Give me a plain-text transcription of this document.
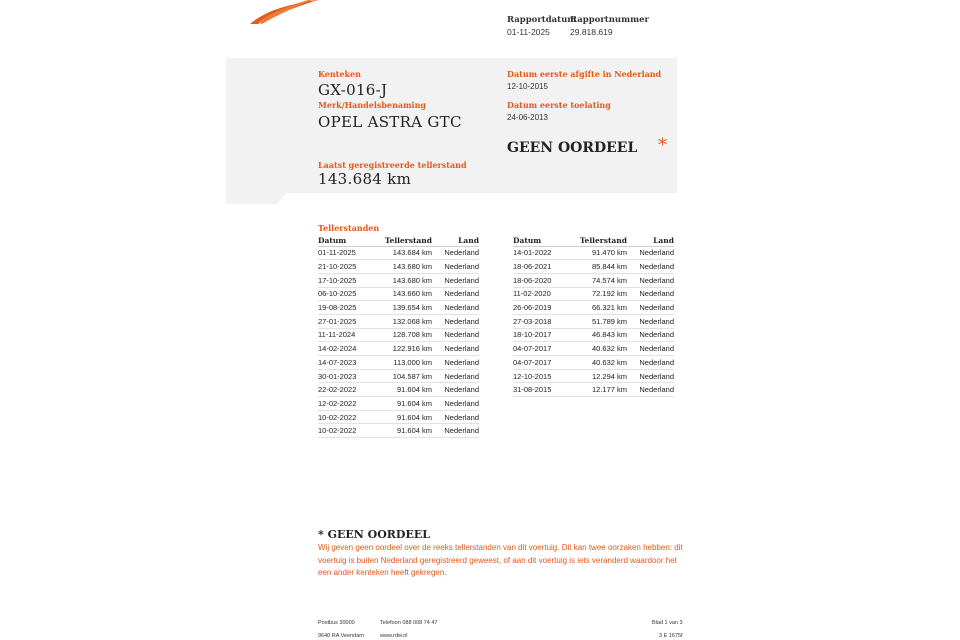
Rapportdatum
01-11-2025
Rapportnummer
29.818.619
Kenteken
GX-016-J
Merk/Handelsbenaming
OPEL ASTRA GTC
Laatst geregistreerde tellerstand
143.684 km
Datum eerste afgifte in Nederland
12-10-2015
Datum eerste toelating
24-06-2013
GEEN OORDEEL *
Tellerstanden
Datum	Tellerstand	Land
01-11-2025	143.684 km	Nederland
21-10-2025	143.680 km	Nederland
17-10-2025	143.680 km	Nederland
06-10-2025	143.660 km	Nederland
19-08-2025	139.654 km	Nederland
27-01-2025	132.068 km	Nederland
11-11-2024	128.708 km	Nederland
14-02-2024	122.916 km	Nederland
14-07-2023	113.000 km	Nederland
30-01-2023	104.587 km	Nederland
22-02-2022	91.604 km	Nederland
12-02-2022	91.604 km	Nederland
10-02-2022	91.604 km	Nederland
10-02-2022	91.604 km	Nederland
Datum	Tellerstand	Land
14-01-2022	91.470 km	Nederland
18-06-2021	85.844 km	Nederland
18-06-2020	74.574 km	Nederland
11-02-2020	72.192 km	Nederland
26-06-2019	66.321 km	Nederland
27-03-2018	51.789 km	Nederland
18-10-2017	46.843 km	Nederland
04-07-2017	40.632 km	Nederland
04-07-2017	40.632 km	Nederland
12-10-2015	12.294 km	Nederland
31-08-2015	12.177 km	Nederland
* GEEN OORDEEL
Wij geven geen oordeel over de reeks tellerstanden van dit voertuig. Dit kan twee oorzaken hebben: dit voertuig is buiten Nederland geregistreerd geweest, of aan dit voertuig is iets veranderd waardoor het een ander kenteken heeft gekregen.
Postbus 30000
9640 RA Veendam
Telefoon 088 008 74 47
www.rdw.nl
Blad 1 van 3
3 E 1675f
